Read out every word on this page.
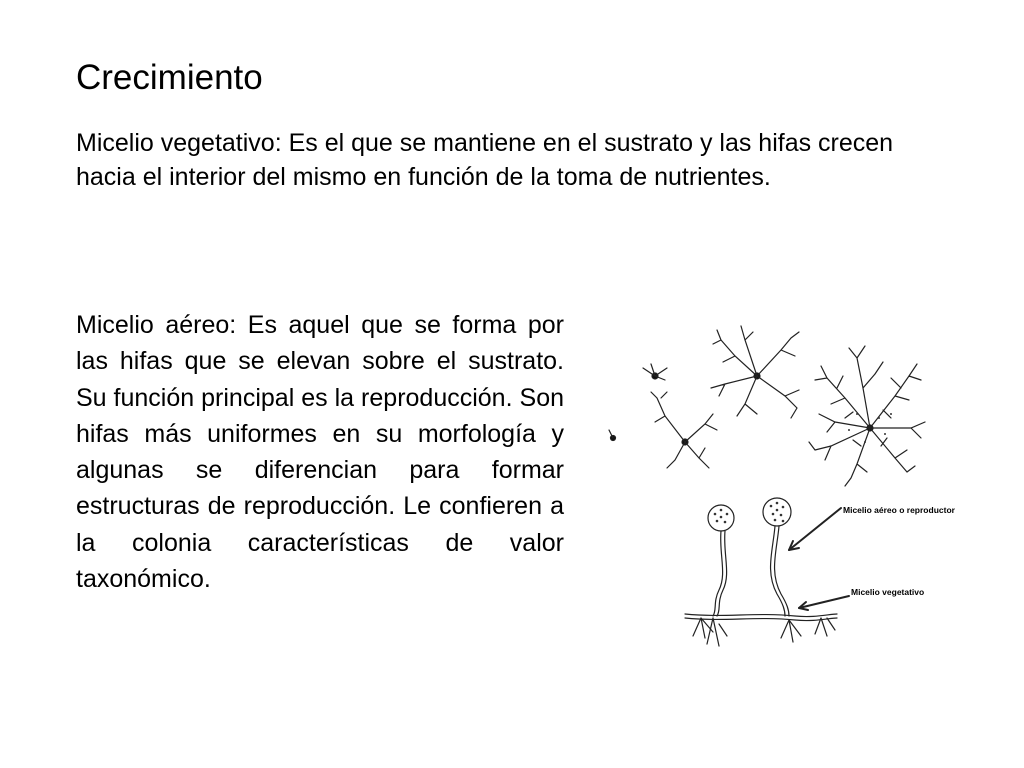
Crecimiento

Micelio vegetativo: Es el que se mantiene en el sustrato y las hifas crecen hacia el interior del mismo en función de la toma de nutrientes.

Micelio aéreo: Es aquel que se forma por las hifas que se elevan sobre el sustrato. Su función principal es la reproducción. Son hifas más uniformes en su morfología y algunas se diferencian para formar estructuras de reproducción. Le confieren a la colonia características de valor taxonómico.

Micelio aéreo o reproductor
Micelio vegetativo
